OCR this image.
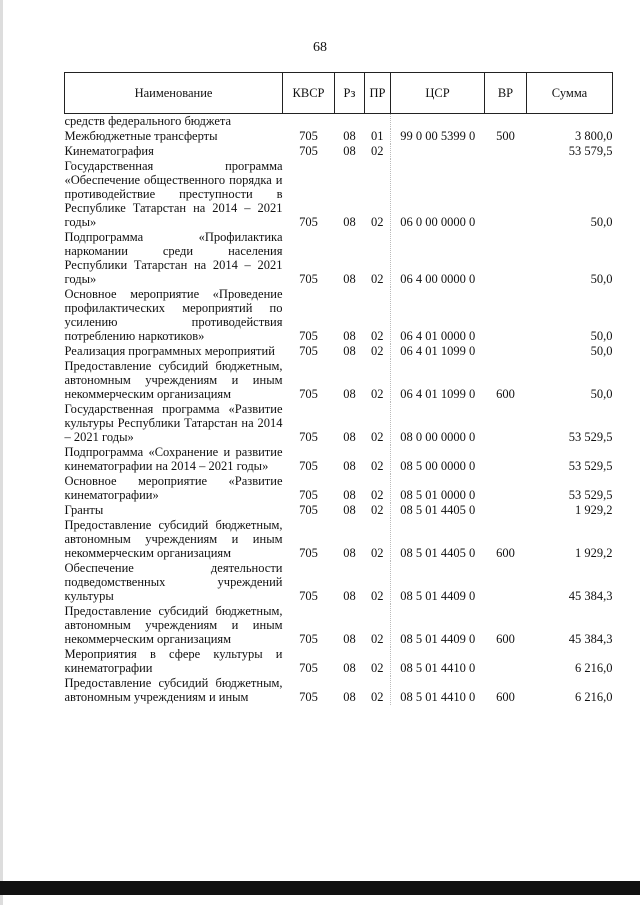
68
Наименование	КВСР	Рз	ПР	ЦСР	ВР	Сумма
средств федерального бюджета						
Межбюджетные трансферты	705	08	01	99 0 00 5399 0	500	3 800,0
Кинематография	705	08	02			53 579,5
Государственная программа «Обеспечение общественного порядка и противодействие преступности в Республике Татарстан на 2014 – 2021 годы»	705	08	02	06 0 00 0000 0		50,0
Подпрограмма «Профилактика наркомании среди населения Республики Татарстан на 2014 – 2021 годы»	705	08	02	06 4 00 0000 0		50,0
Основное мероприятие «Проведение профилактических мероприятий по усилению противодействия потреблению наркотиков»	705	08	02	06 4 01 0000 0		50,0
Реализация программных мероприятий	705	08	02	06 4 01 1099 0		50,0
Предоставление субсидий бюджетным, автономным учреждениям и иным некоммерческим организациям	705	08	02	06 4 01 1099 0	600	50,0
Государственная программа «Развитие культуры Республики Татарстан на 2014 – 2021 годы»	705	08	02	08 0 00 0000 0		53 529,5
Подпрограмма «Сохранение и развитие кинематографии на 2014 – 2021 годы»	705	08	02	08 5 00 0000 0		53 529,5
Основное мероприятие «Развитие кинематографии»	705	08	02	08 5 01 0000 0		53 529,5
Гранты	705	08	02	08 5 01 4405 0		1 929,2
Предоставление субсидий бюджетным, автономным учреждениям и иным некоммерческим организациям	705	08	02	08 5 01 4405 0	600	1 929,2
Обеспечение деятельности подведомственных учреждений культуры	705	08	02	08 5 01 4409 0		45 384,3
Предоставление субсидий бюджетным, автономным учреждениям и иным некоммерческим организациям	705	08	02	08 5 01 4409 0	600	45 384,3
Мероприятия в сфере культуры и кинематографии	705	08	02	08 5 01 4410 0		6 216,0
Предоставление субсидий бюджетным, автономным учреждениям и иным	705	08	02	08 5 01 4410 0	600	6 216,0
